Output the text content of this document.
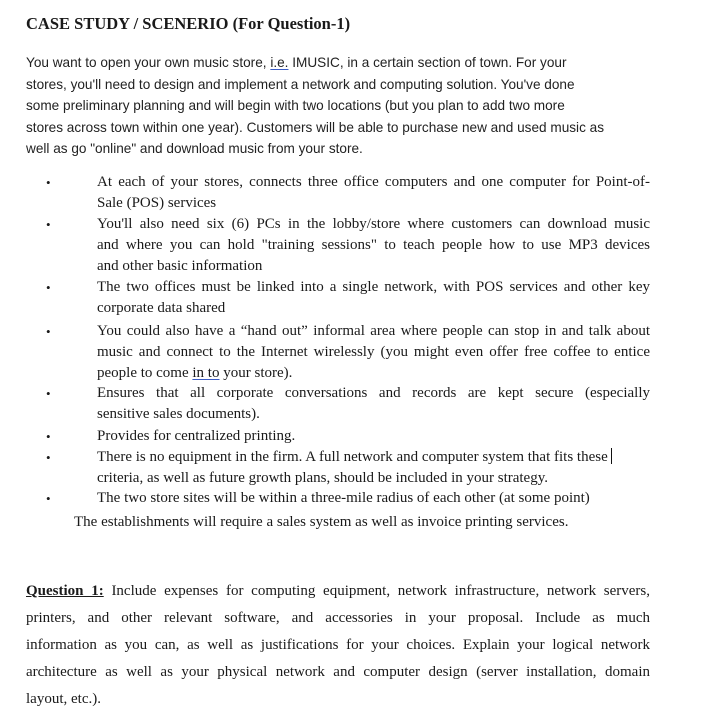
CASE STUDY / SCENERIO (For Question-1)
You want to open your own music store, i.e. IMUSIC, in a certain section of town. For your
stores, you'll need to design and implement a network and computing solution. You've done
some preliminary planning and will begin with two locations (but you plan to add two more
stores across town within one year). Customers will be able to purchase new and used music as
well as go "online" and download music from your store.
•	At each of your stores, connects three office computers and one computer for Point-of-
Sale (POS) services
•	You'll also need six (6) PCs in the lobby/store where customers can download music
and where you can hold "training sessions" to teach people how to use MP3 devices
and other basic information
•	The two offices must be linked into a single network, with POS services and other key
corporate data shared
•	You could also have a “hand out” informal area where people can stop in and talk about
music and connect to the Internet wirelessly (you might even offer free coffee to entice
people to come in to your store).
•	Ensures that all corporate conversations and records are kept secure (especially
sensitive sales documents).
•	Provides for centralized printing.
•	There is no equipment in the firm. A full network and computer system that fits these
criteria, as well as future growth plans, should be included in your strategy.
•	The two store sites will be within a three-mile radius of each other (at some point)
The establishments will require a sales system as well as invoice printing services.
Question 1: Include expenses for computing equipment, network infrastructure, network servers,
printers, and other relevant software, and accessories in your proposal. Include as much
information as you can, as well as justifications for your choices. Explain your logical network
architecture as well as your physical network and computer design (server installation, domain
layout, etc.).
